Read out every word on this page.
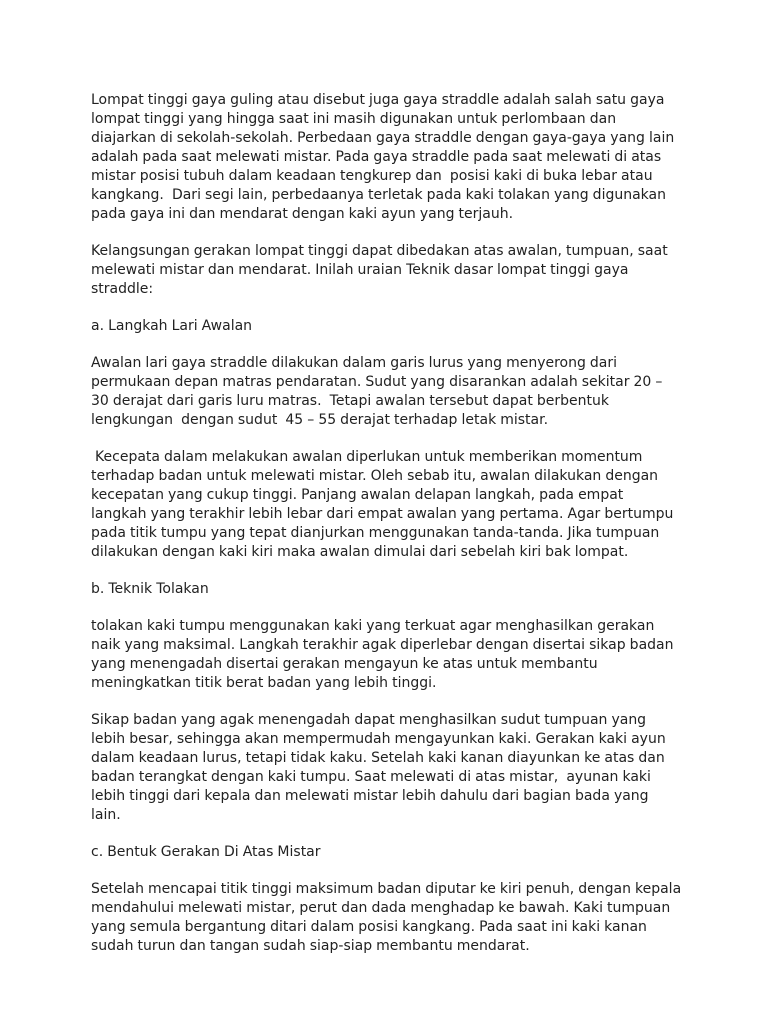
Lompat tinggi gaya guling atau disebut juga gaya straddle adalah salah satu gaya
lompat tinggi yang hingga saat ini masih digunakan untuk perlombaan dan
diajarkan di sekolah-sekolah. Perbedaan gaya straddle dengan gaya-gaya yang lain
adalah pada saat melewati mistar. Pada gaya straddle pada saat melewati di atas
mistar posisi tubuh dalam keadaan tengkurep dan  posisi kaki di buka lebar atau
kangkang.  Dari segi lain, perbedaanya terletak pada kaki tolakan yang digunakan
pada gaya ini dan mendarat dengan kaki ayun yang terjauh.

Kelangsungan gerakan lompat tinggi dapat dibedakan atas awalan, tumpuan, saat
melewati mistar dan mendarat. Inilah uraian Teknik dasar lompat tinggi gaya
straddle:

a. Langkah Lari Awalan

Awalan lari gaya straddle dilakukan dalam garis lurus yang menyerong dari
permukaan depan matras pendaratan. Sudut yang disarankan adalah sekitar 20 –
30 derajat dari garis luru matras.  Tetapi awalan tersebut dapat berbentuk
lengkungan  dengan sudut  45 – 55 derajat terhadap letak mistar.

Kecepata dalam melakukan awalan diperlukan untuk memberikan momentum
terhadap badan untuk melewati mistar. Oleh sebab itu, awalan dilakukan dengan
kecepatan yang cukup tinggi. Panjang awalan delapan langkah, pada empat
langkah yang terakhir lebih lebar dari empat awalan yang pertama. Agar bertumpu
pada titik tumpu yang tepat dianjurkan menggunakan tanda-tanda. Jika tumpuan
dilakukan dengan kaki kiri maka awalan dimulai dari sebelah kiri bak lompat.

b. Teknik Tolakan

tolakan kaki tumpu menggunakan kaki yang terkuat agar menghasilkan gerakan
naik yang maksimal. Langkah terakhir agak diperlebar dengan disertai sikap badan
yang menengadah disertai gerakan mengayun ke atas untuk membantu
meningkatkan titik berat badan yang lebih tinggi.

Sikap badan yang agak menengadah dapat menghasilkan sudut tumpuan yang
lebih besar, sehingga akan mempermudah mengayunkan kaki. Gerakan kaki ayun
dalam keadaan lurus, tetapi tidak kaku. Setelah kaki kanan diayunkan ke atas dan
badan terangkat dengan kaki tumpu. Saat melewati di atas mistar,  ayunan kaki
lebih tinggi dari kepala dan melewati mistar lebih dahulu dari bagian bada yang
lain.

c. Bentuk Gerakan Di Atas Mistar

Setelah mencapai titik tinggi maksimum badan diputar ke kiri penuh, dengan kepala
mendahului melewati mistar, perut dan dada menghadap ke bawah. Kaki tumpuan
yang semula bergantung ditari dalam posisi kangkang. Pada saat ini kaki kanan
sudah turun dan tangan sudah siap-siap membantu mendarat.
